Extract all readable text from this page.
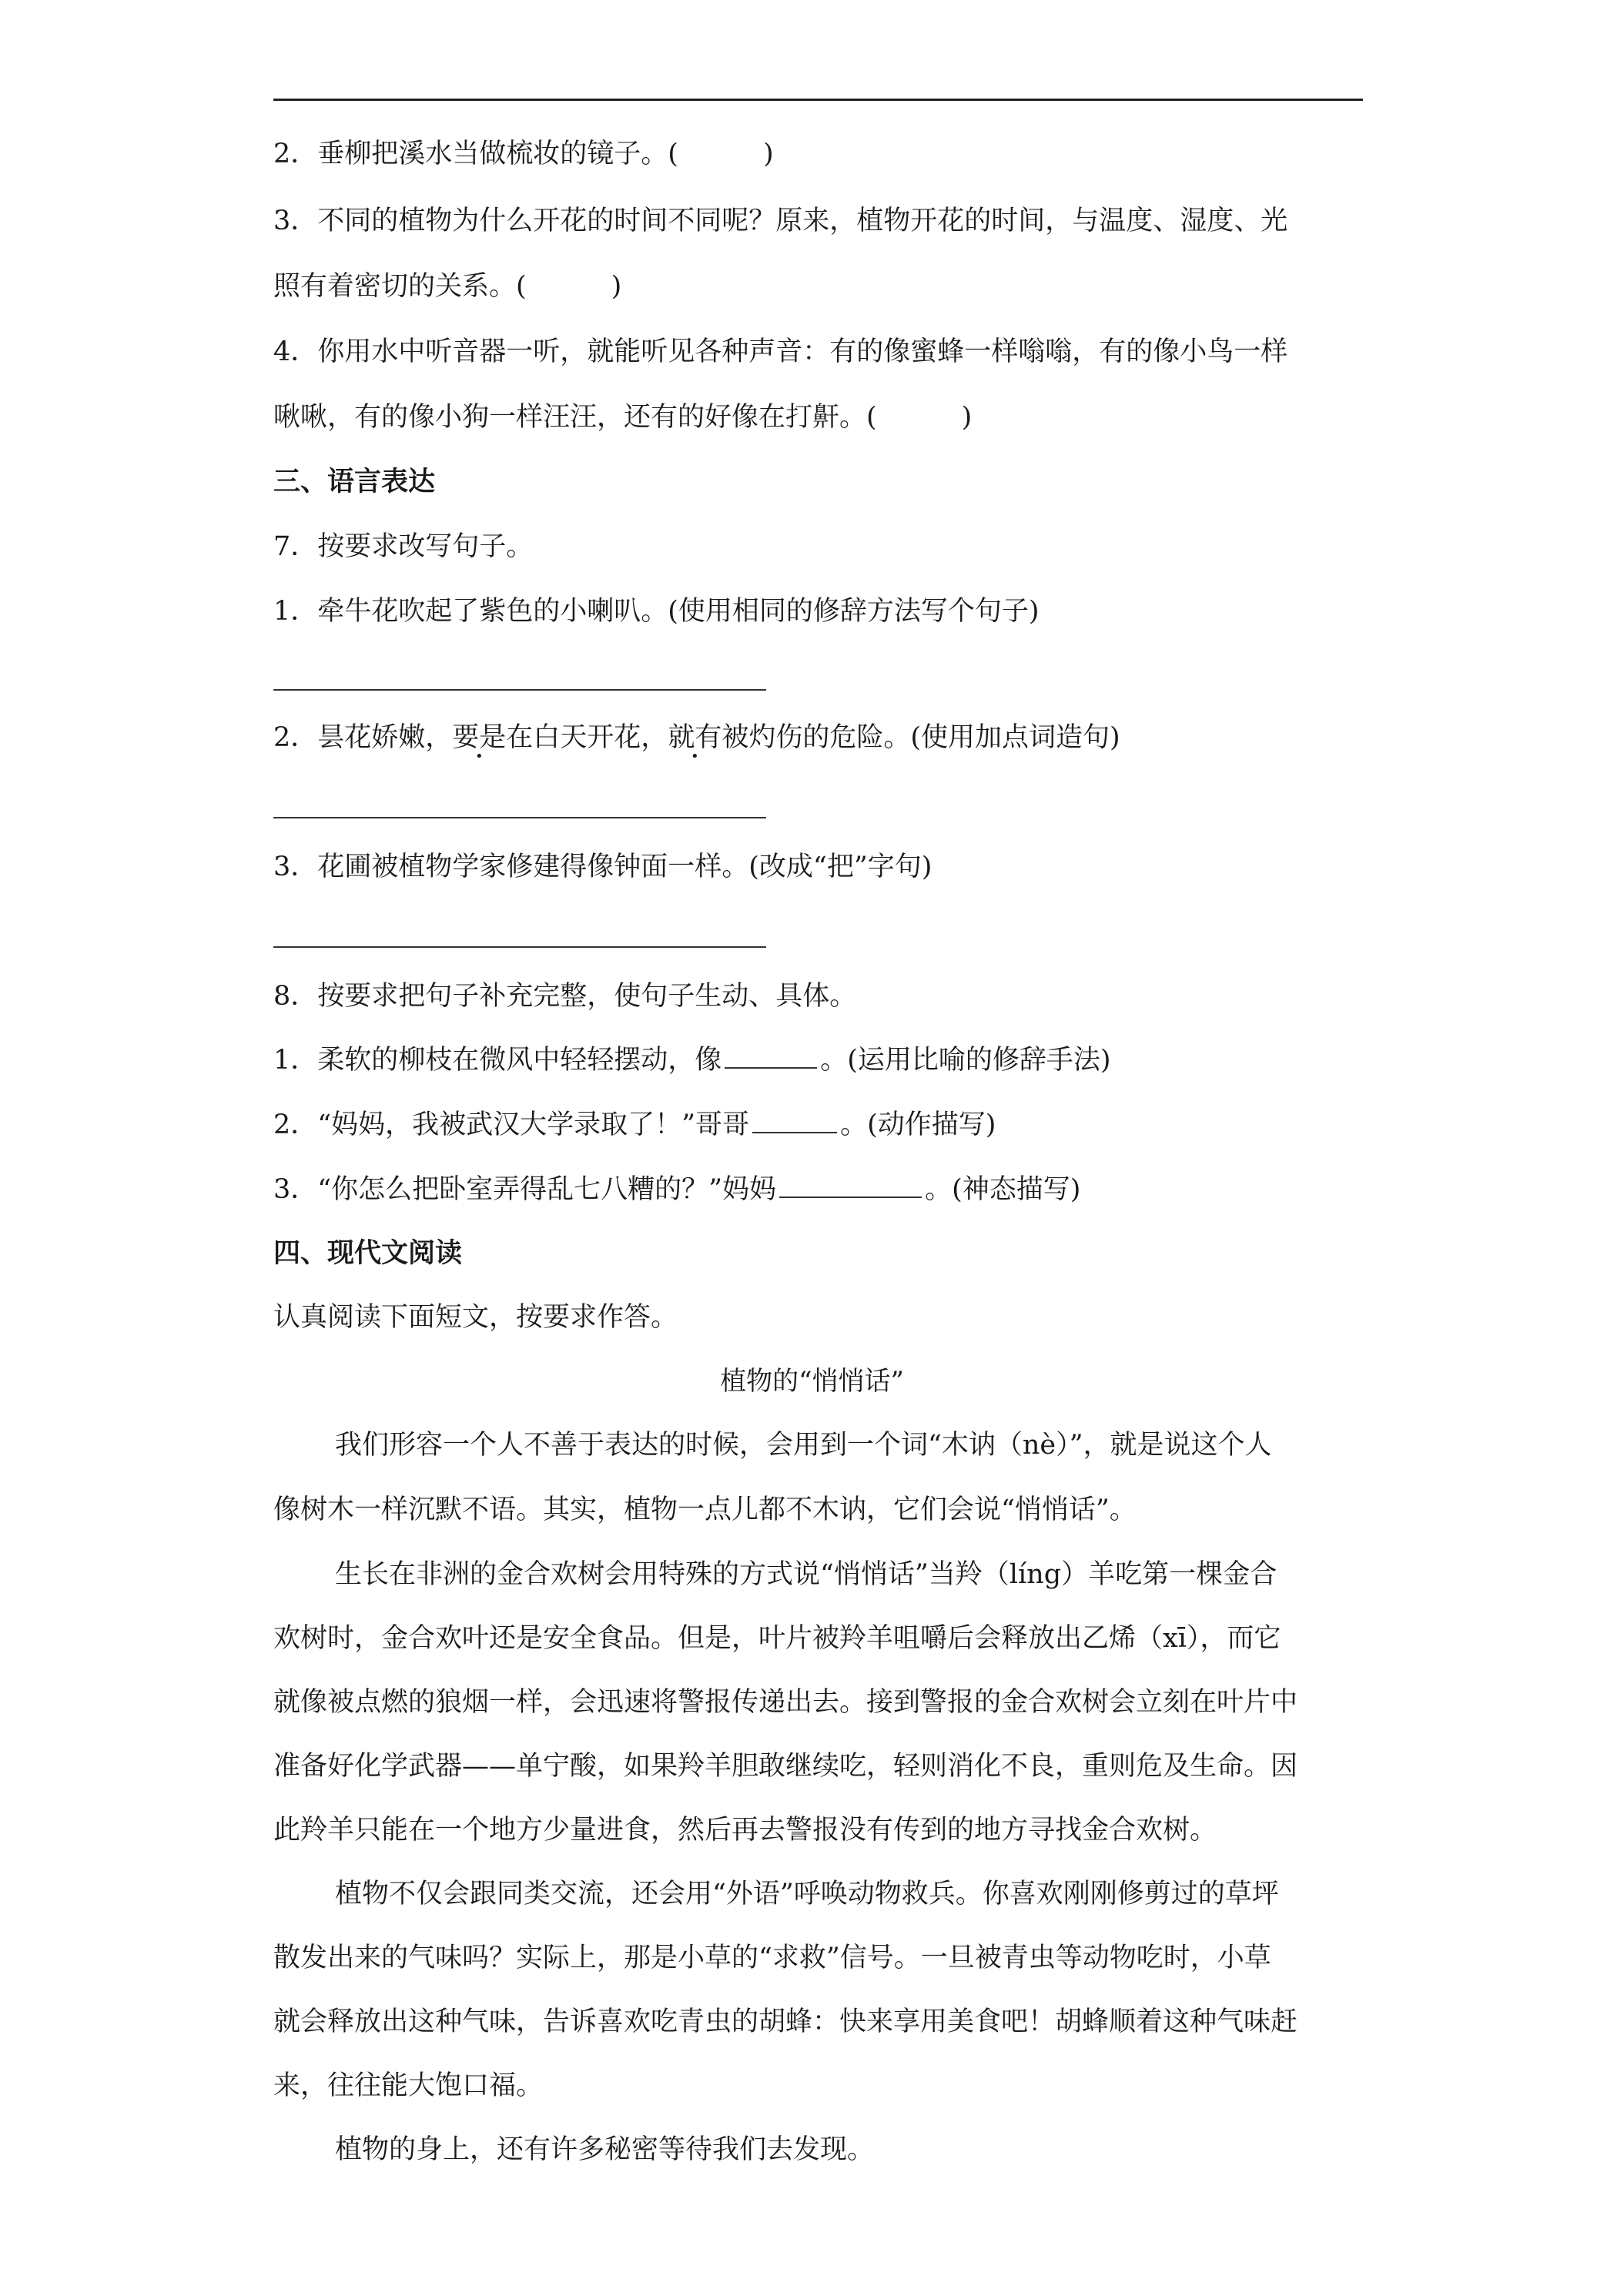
2．垂柳把溪水当做梳妆的镜子。(	)
3．不同的植物为什么开花的时间不同呢？原来，植物开花的时间，与温度、湿度、光
照有着密切的关系。(	)
4．你用水中听音器一听，就能听见各种声音：有的像蜜蜂一样嗡嗡，有的像小鸟一样
啾啾，有的像小狗一样汪汪，还有的好像在打鼾。(	)
三、语言表达
7．按要求改写句子。
1．牵牛花吹起了紫色的小喇叭。(使用相同的修辞方法写个句子)
2．昙花娇嫩，要是在白天开花，就有被灼伤的危险。(使用加点词造句)
3．花圃被植物学家修建得像钟面一样。(改成“把”字句)
8．按要求把句子补充完整，使句子生动、具体。
1．柔软的柳枝在微风中轻轻摆动，像	。(运用比喻的修辞手法)
2．“妈妈，我被武汉大学录取了！”哥哥	。(动作描写)
3．“你怎么把卧室弄得乱七八糟的？”妈妈	。(神态描写)
四、现代文阅读
认真阅读下面短文，按要求作答。
植物的“悄悄话”
我们形容一个人不善于表达的时候，会用到一个词“木讷（nè）”，就是说这个人
像树木一样沉默不语。其实，植物一点儿都不木讷，它们会说“悄悄话”。
生长在非洲的金合欢树会用特殊的方式说“悄悄话”当羚（líng）羊吃第一棵金合
欢树时，金合欢叶还是安全食品。但是，叶片被羚羊咀嚼后会释放出乙烯（xī），而它
就像被点燃的狼烟一样，会迅速将警报传递出去。接到警报的金合欢树会立刻在叶片中
准备好化学武器——单宁酸，如果羚羊胆敢继续吃，轻则消化不良，重则危及生命。因
此羚羊只能在一个地方少量进食，然后再去警报没有传到的地方寻找金合欢树。
植物不仅会跟同类交流，还会用“外语”呼唤动物救兵。你喜欢刚刚修剪过的草坪
散发出来的气味吗？实际上，那是小草的“求救”信号。一旦被青虫等动物吃时，小草
就会释放出这种气味，告诉喜欢吃青虫的胡蜂：快来享用美食吧！胡蜂顺着这种气味赶
来，往往能大饱口福。
植物的身上，还有许多秘密等待我们去发现。
